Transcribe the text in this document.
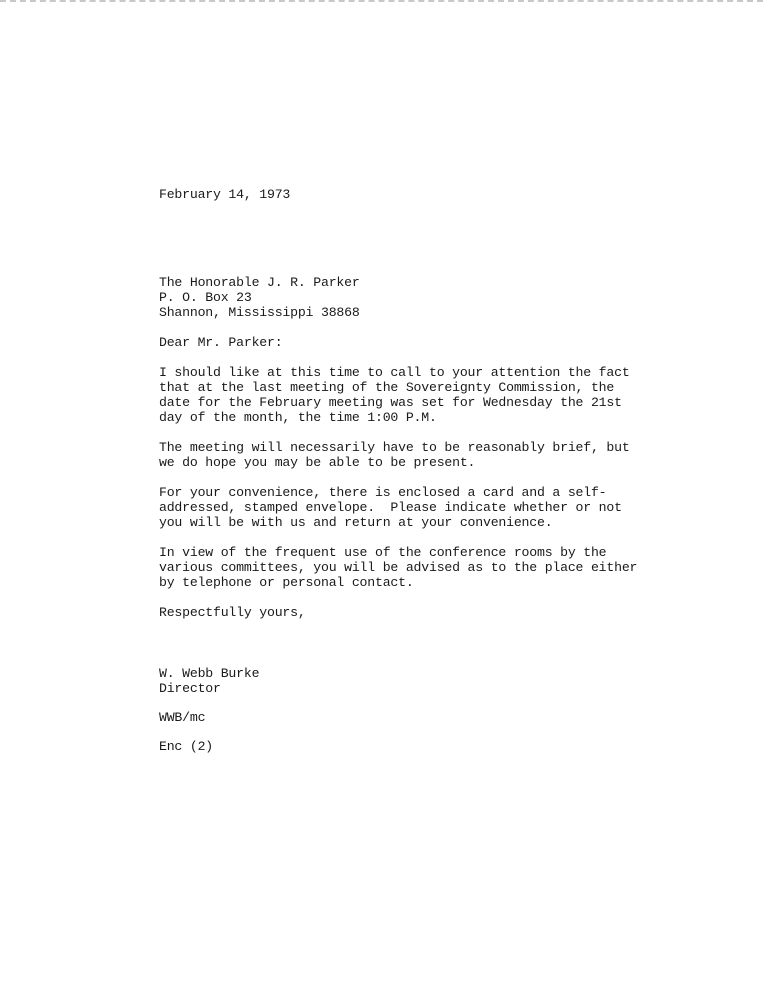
February 14, 1973
The Honorable J. R. Parker
P. O. Box 23
Shannon, Mississippi 38868
Dear Mr. Parker:
I should like at this time to call to your attention the fact
that at the last meeting of the Sovereignty Commission, the
date for the February meeting was set for Wednesday the 21st
day of the month, the time 1:00 P.M.
The meeting will necessarily have to be reasonably brief, but
we do hope you may be able to be present.
For your convenience, there is enclosed a card and a self-
addressed, stamped envelope.  Please indicate whether or not
you will be with us and return at your convenience.
In view of the frequent use of the conference rooms by the
various committees, you will be advised as to the place either
by telephone or personal contact.
Respectfully yours,
W. Webb Burke
Director
WWB/mc
Enc (2)
